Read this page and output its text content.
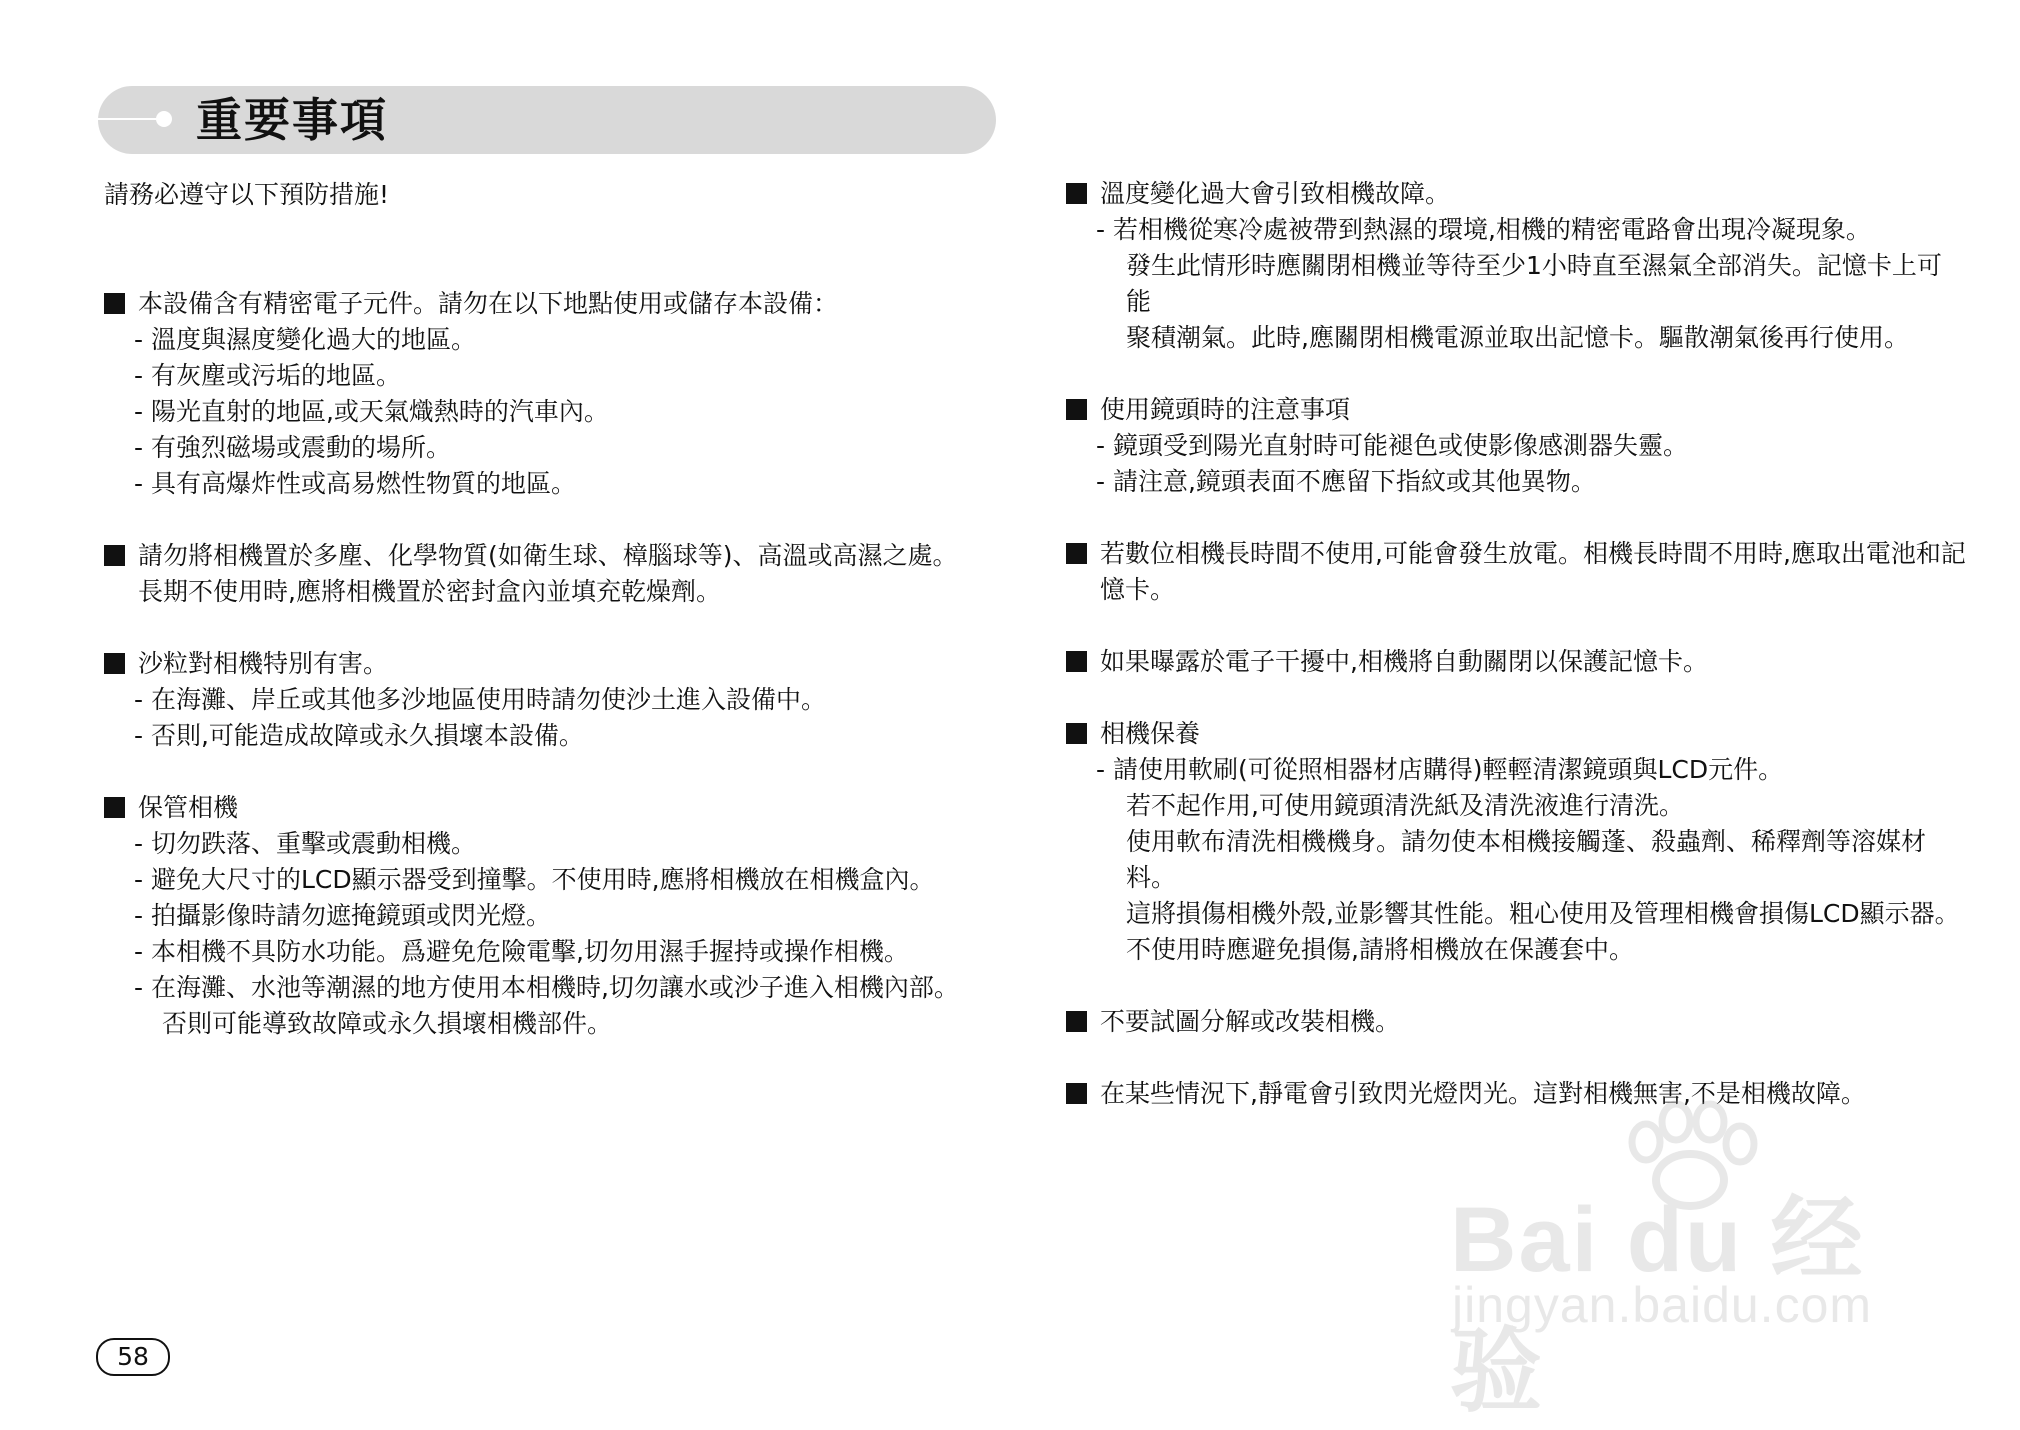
重要事項
請務必遵守以下預防措施!
本設備含有精密電子元件。請勿在以下地點使用或儲存本設備：
- 溫度與濕度變化過大的地區。
- 有灰塵或污垢的地區。
- 陽光直射的地區,或天氣熾熱時的汽車內。
- 有強烈磁場或震動的場所。
- 具有高爆炸性或高易燃性物質的地區。
請勿將相機置於多塵、化學物質(如衛生球、樟腦球等)、高溫或高濕之處。
長期不使用時,應將相機置於密封盒內並填充乾燥劑。
沙粒對相機特別有害。
- 在海灘、岸丘或其他多沙地區使用時請勿使沙土進入設備中。
- 否則,可能造成故障或永久損壞本設備。
保管相機
- 切勿跌落、重擊或震動相機。
- 避免大尺寸的LCD顯示器受到撞擊。不使用時,應將相機放在相機盒內。
- 拍攝影像時請勿遮掩鏡頭或閃光燈。
- 本相機不具防水功能。爲避免危險電擊,切勿用濕手握持或操作相機。
- 在海灘、水池等潮濕的地方使用本相機時,切勿讓水或沙子進入相機內部。
否則可能導致故障或永久損壞相機部件。
溫度變化過大會引致相機故障。
- 若相機從寒冷處被帶到熱濕的環境,相機的精密電路會出現冷凝現象。
發生此情形時應關閉相機並等待至少1小時直至濕氣全部消失。記憶卡上可能
聚積潮氣。此時,應關閉相機電源並取出記憶卡。驅散潮氣後再行使用。
使用鏡頭時的注意事項
- 鏡頭受到陽光直射時可能褪色或使影像感測器失靈。
- 請注意,鏡頭表面不應留下指紋或其他異物。
若數位相機長時間不使用,可能會發生放電。相機長時間不用時,應取出電池和記
憶卡。
如果曝露於電子干擾中,相機將自動關閉以保護記憶卡。
相機保養
- 請使用軟刷(可從照相器材店購得)輕輕清潔鏡頭與LCD元件。
若不起作用,可使用鏡頭清洗紙及清洗液進行清洗。
使用軟布清洗相機機身。請勿使本相機接觸蓬、殺蟲劑、稀釋劑等溶媒材料。
這將損傷相機外殼,並影響其性能。粗心使用及管理相機會損傷LCD顯示器。
不使用時應避免損傷,請將相機放在保護套中。
不要試圖分解或改裝相機。
在某些情況下,靜電會引致閃光燈閃光。這對相機無害,不是相機故障。
58
Bai du 经验
jingyan.baidu.com
